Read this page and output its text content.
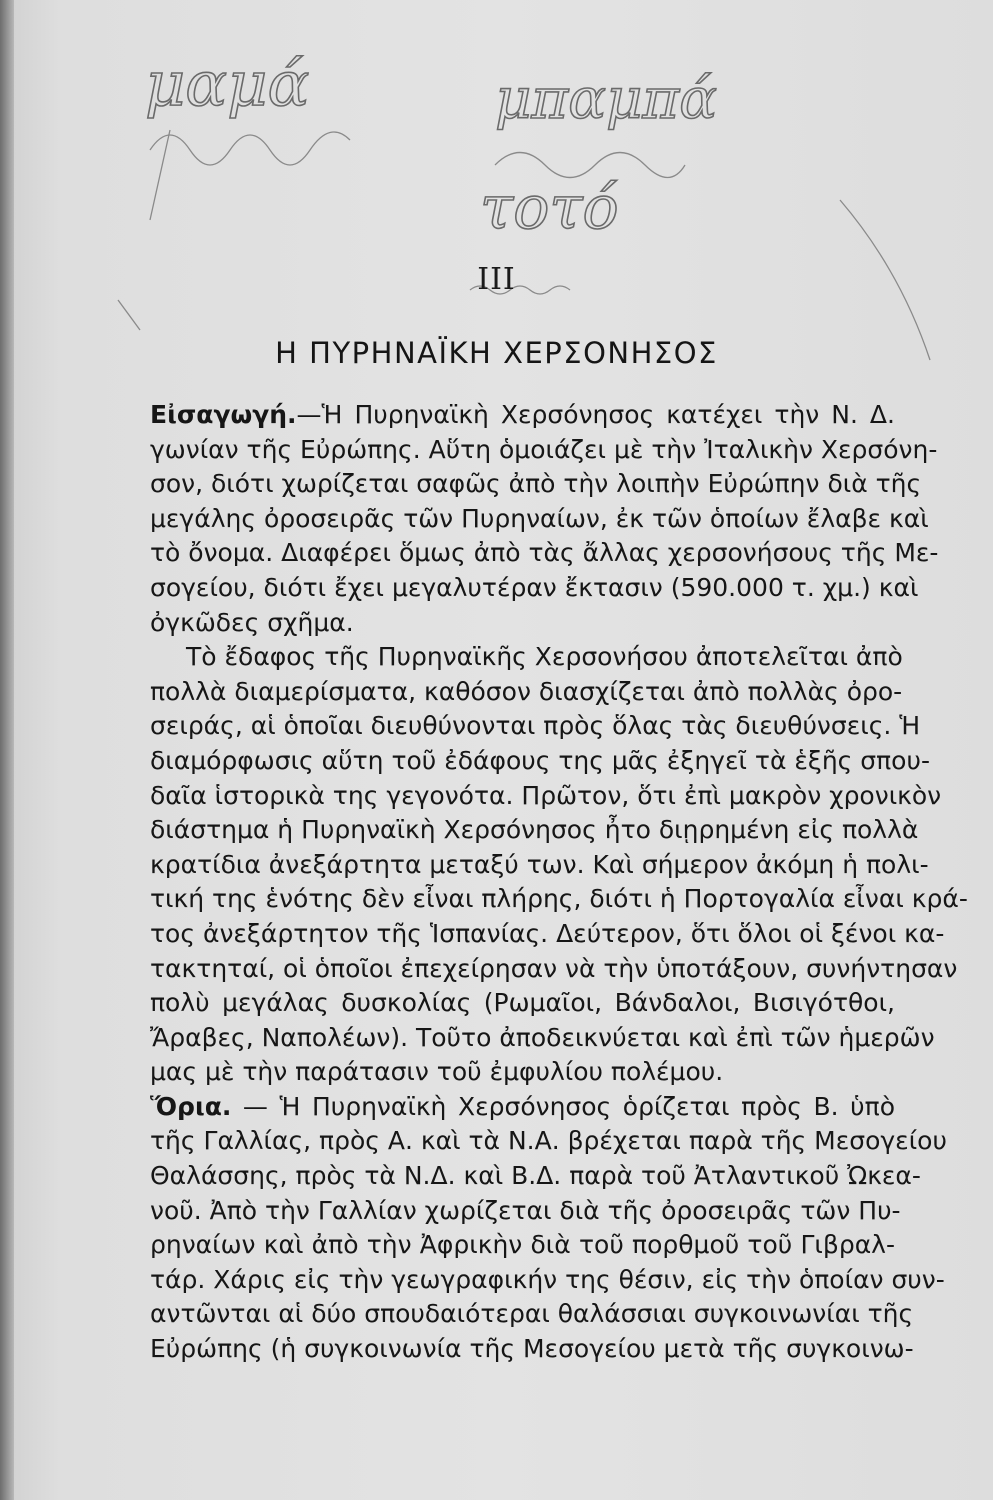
μαμά	μπαμπά
τοτό
III
Η ΠΥΡΗΝΑΪΚΗ ΧΕΡΣΟΝΗΣΟΣ
Εἰσαγωγή.—Ἡ Πυρηναϊκὴ Χερσόνησος κατέχει τὴν Ν. Δ.
γωνίαν τῆς Εὐρώπης. Αὕτη ὁμοιάζει μὲ τὴν Ἰταλικὴν Χερσόνη-
σον, διότι χωρίζεται σαφῶς ἀπὸ τὴν λοιπὴν Εὐρώπην διὰ τῆς
μεγάλης ὀροσειρᾶς τῶν Πυρηναίων, ἐκ τῶν ὁποίων ἔλαβε καὶ
τὸ ὄνομα. Διαφέρει ὅμως ἀπὸ τὰς ἄλλας χερσονήσους τῆς Με-
σογείου, διότι ἔχει μεγαλυτέραν ἔκτασιν (590.000 τ. χμ.) καὶ
ὀγκῶδες σχῆμα.
Τὸ ἔδαφος τῆς Πυρηναϊκῆς Χερσονήσου ἀποτελεῖται ἀπὸ
πολλὰ διαμερίσματα, καθόσον διασχίζεται ἀπὸ πολλὰς ὀρο-
σειράς, αἱ ὁποῖαι διευθύνονται πρὸς ὅλας τὰς διευθύνσεις. Ἡ
διαμόρφωσις αὕτη τοῦ ἐδάφους της μᾶς ἐξηγεῖ τὰ ἑξῆς σπου-
δαῖα ἱστορικὰ της γεγονότα. Πρῶτον, ὅτι ἐπὶ μακρὸν χρονικὸν
διάστημα ἡ Πυρηναϊκὴ Χερσόνησος ἦτο διῃρημένη εἰς πολλὰ
κρατίδια ἀνεξάρτητα μεταξύ των. Καὶ σήμερον ἀκόμη ἡ πολι-
τική της ἑνότης δὲν εἶναι πλήρης, διότι ἡ Πορτογαλία εἶναι κρά-
τος ἀνεξάρτητον τῆς Ἱσπανίας. Δεύτερον, ὅτι ὅλοι οἱ ξένοι κα-
τακτηταί, οἱ ὁποῖοι ἐπεχείρησαν νὰ τὴν ὑποτάξουν, συνήντησαν
πολὺ μεγάλας δυσκολίας (Ρωμαῖοι, Βάνδαλοι, Βισιγότθοι,
Ἄραβες, Ναπολέων). Τοῦτο ἀποδεικνύεται καὶ ἐπὶ τῶν ἡμερῶν
μας μὲ τὴν παράτασιν τοῦ ἐμφυλίου πολέμου.
Ὅρια. — Ἡ Πυρηναϊκὴ Χερσόνησος ὁρίζεται πρὸς Β. ὑπὸ
τῆς Γαλλίας, πρὸς Α. καὶ τὰ Ν.Α. βρέχεται παρὰ τῆς Μεσογείου
Θαλάσσης, πρὸς τὰ Ν.Δ. καὶ Β.Δ. παρὰ τοῦ Ἀτλαντικοῦ Ὠκεα-
νοῦ. Ἀπὸ τὴν Γαλλίαν χωρίζεται διὰ τῆς ὀροσειρᾶς τῶν Πυ-
ρηναίων καὶ ἀπὸ τὴν Ἀφρικὴν διὰ τοῦ πορθμοῦ τοῦ Γιβραλ-
τάρ. Χάρις εἰς τὴν γεωγραφικήν της θέσιν, εἰς τὴν ὁποίαν συν-
αντῶνται αἱ δύο σπουδαιότεραι θαλάσσιαι συγκοινωνίαι τῆς
Εὐρώπης (ἡ συγκοινωνία τῆς Μεσογείου μετὰ τῆς συγκοινω-
